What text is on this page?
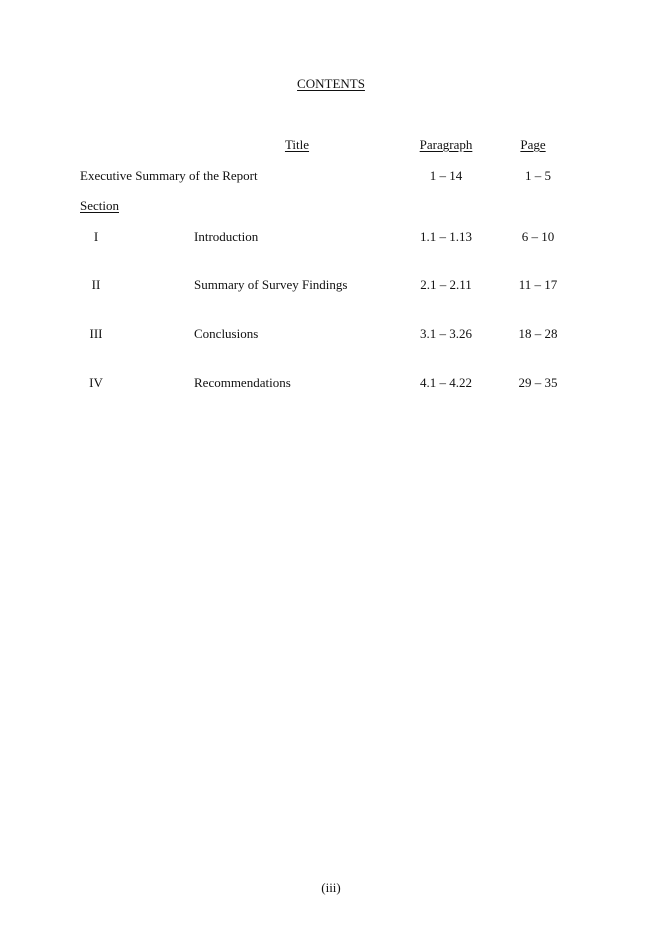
CONTENTS
Title	Paragraph	Page
Executive Summary of the Report	1 – 14	1 – 5
Section
I	Introduction	1.1 – 1.13	6 – 10
II	Summary of Survey Findings	2.1 – 2.11	11 – 17
III	Conclusions	3.1 – 3.26	18 – 28
IV	Recommendations	4.1 – 4.22	29 – 35
(iii)
